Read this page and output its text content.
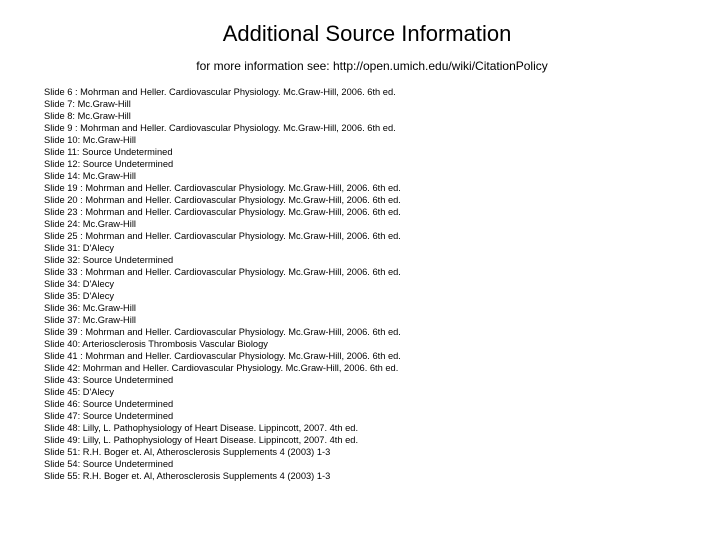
Additional Source Information
for more information see: http://open.umich.edu/wiki/CitationPolicy
Slide 6 : Mohrman and Heller. Cardiovascular Physiology. Mc.Graw-Hill, 2006. 6th ed.
Slide 7: Mc.Graw-Hill
Slide 8: Mc.Graw-Hill
Slide 9 : Mohrman and Heller. Cardiovascular Physiology. Mc.Graw-Hill, 2006. 6th ed.
Slide 10: Mc.Graw-Hill
Slide 11: Source Undetermined
Slide 12: Source Undetermined
Slide 14: Mc.Graw-Hill
Slide 19 : Mohrman and Heller. Cardiovascular Physiology. Mc.Graw-Hill, 2006. 6th ed.
Slide 20 : Mohrman and Heller. Cardiovascular Physiology. Mc.Graw-Hill, 2006. 6th ed.
Slide 23 : Mohrman and Heller. Cardiovascular Physiology. Mc.Graw-Hill, 2006. 6th ed.
Slide 24: Mc.Graw-Hill
Slide 25 : Mohrman and Heller. Cardiovascular Physiology. Mc.Graw-Hill, 2006. 6th ed.
Slide 31: D'Alecy
Slide 32: Source Undetermined
Slide 33 : Mohrman and Heller. Cardiovascular Physiology. Mc.Graw-Hill, 2006. 6th ed.
Slide 34: D'Alecy
Slide 35: D'Alecy
Slide 36: Mc.Graw-Hill
Slide 37: Mc.Graw-Hill
Slide 39 : Mohrman and Heller. Cardiovascular Physiology. Mc.Graw-Hill, 2006. 6th ed.
Slide 40: Arteriosclerosis Thrombosis Vascular Biology
Slide 41 : Mohrman and Heller. Cardiovascular Physiology. Mc.Graw-Hill, 2006. 6th ed.
Slide 42: Mohrman and Heller. Cardiovascular Physiology. Mc.Graw-Hill, 2006. 6th ed.
Slide 43: Source Undetermined
Slide 45: D'Alecy
Slide 46: Source Undetermined
Slide 47: Source Undetermined
Slide 48: Lilly, L. Pathophysiology of Heart Disease. Lippincott, 2007. 4th ed.
Slide 49: Lilly, L. Pathophysiology of Heart Disease. Lippincott, 2007. 4th ed.
Slide 51: R.H. Boger et. Al, Atherosclerosis Supplements 4 (2003) 1-3
Slide 54: Source Undetermined
Slide 55: R.H. Boger et. Al, Atherosclerosis Supplements 4 (2003) 1-3
